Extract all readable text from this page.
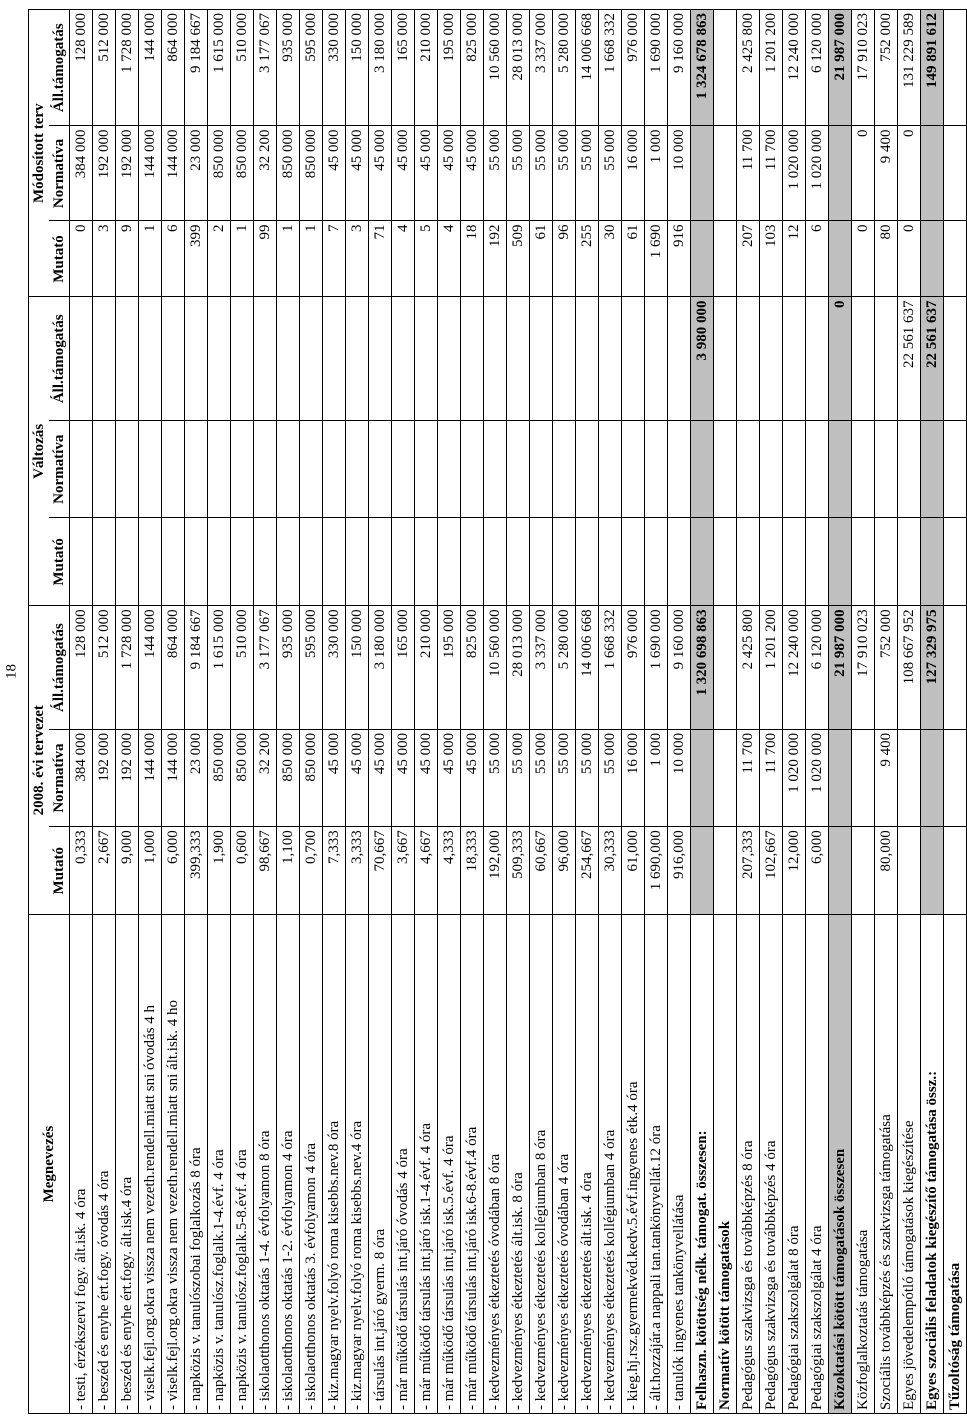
18
Megnevezés	2008. évi tervezet			Változás			Módosított terv		
	Mutató	Normatíva	Áll.támogatás	Mutató	Normatíva	Áll.támogatás	Mutató	Normatíva	Áll.támogatás
- testi, érzékszervi fogy. ált.isk. 4 óra	0,333	384 000	128 000				0	384 000	128 000
- beszéd és enyhe ért.fogy. óvodás 4 óra	2,667	192 000	512 000				3	192 000	512 000
- beszéd és enyhe ért.fogy. ált.isk.4 óra	9,000	192 000	1 728 000				9	192 000	1 728 000
- viselk.fejl.org.okra vissza nem vezeth.rendell.miatt sni óvodás 4 h	1,000	144 000	144 000				1	144 000	144 000
- viselk.fejl.org.okra vissza nem vezeth.rendell.miatt sni ált.isk. 4 ho	6,000	144 000	864 000				6	144 000	864 000
- napközis v. tanulószobai foglalkozás 8 óra	399,333	23 000	9 184 667				399	23 000	9 184 667
- napközis v. tanulósz.foglalk.1-4.évf. 4 óra	1,900	850 000	1 615 000				2	850 000	1 615 000
- napközis v. tanulósz.foglalk.5-8.évf. 4 óra	0,600	850 000	510 000				1	850 000	510 000
- iskolaotthonos oktatás 1-4. évfolyamon 8 óra	98,667	32 200	3 177 067				99	32 200	3 177 067
- iskolaotthonos oktatás 1-2. évfolyamon 4 óra	1,100	850 000	935 000				1	850 000	935 000
- iskolaotthonos oktatás 3. évfolyamon 4 óra	0,700	850 000	595 000				1	850 000	595 000
- kiz.magyar nyelv.folyó roma kisebbs.nev.8 óra	7,333	45 000	330 000				7	45 000	330 000
- kiz.magyar nyelv.folyó roma kisebbs.nev.4 óra	3,333	45 000	150 000				3	45 000	150 000
- társulás int.járó gyerm. 8 óra	70,667	45 000	3 180 000				71	45 000	3 180 000
- már működő társulás int.járó óvodás 4 óra	3,667	45 000	165 000				4	45 000	165 000
- már működő társulás int.járó isk.1-4.évf. 4 óra	4,667	45 000	210 000				5	45 000	210 000
- már működő társulás int.járó isk.5.évf. 4 óra	4,333	45 000	195 000				4	45 000	195 000
- már működő társulás int.járó isk.6-8.évf.4 óra	18,333	45 000	825 000				18	45 000	825 000
- kedvezményes étkeztetés óvodában 8 óra	192,000	55 000	10 560 000				192	55 000	10 560 000
- kedvezményes étkeztetés ált.isk. 8 óra	509,333	55 000	28 013 000				509	55 000	28 013 000
- kedvezményes étkeztetés kollégiumban 8 óra	60,667	55 000	3 337 000				61	55 000	3 337 000
- kedvezményes étkeztetés óvodában 4 óra	96,000	55 000	5 280 000				96	55 000	5 280 000
- kedvezményes étkeztetés ált.isk. 4 óra	254,667	55 000	14 006 668				255	55 000	14 006 668
- kedvezményes étkeztetés kollégiumban 4 óra	30,333	55 000	1 668 332				30	55 000	1 668 332
- kieg.hj.rsz.gyermekvéd.kedv.5.évf.ingyenes étk.4 óra	61,000	16 000	976 000				61	16 000	976 000
- ált.hozzájár.a nappali tan.tankönyvellát.12 óra	1 690,000	1 000	1 690 000				1 690	1 000	1 690 000
- tanulók ingyenes tankönyvellátása	916,000	10 000	9 160 000				916	10 000	9 160 000
Felhaszn. kötöttség nélk. támogat. összesen:			1 320 698 863			3 980 000			1 324 678 863
Normatív kötött támogatások									
Pedagógus szakvizsga és továbbképzés 8 óra	207,333	11 700	2 425 800				207	11 700	2 425 800
Pedagógus szakvizsga és továbbképzés 4 óra	102,667	11 700	1 201 200				103	11 700	1 201 200
Pedagógiai szakszolgálat 8 óra	12,000	1 020 000	12 240 000				12	1 020 000	12 240 000
Pedagógiai szakszolgálat 4 óra	6,000	1 020 000	6 120 000				6	1 020 000	6 120 000
Közoktatási kötött támogatások összesen			21 987 000			0			21 987 000
Közfoglalkoztatás támogatása			17 910 023				0	0	17 910 023
Szociális továbbképzés és szakvizsga támogatása	80,000	9 400	752 000				80	9 400	752 000
Egyes jövedelempótló támogatások kiegészítése			108 667 952			22 561 637	0	0	131 229 589
Egyes szociális feladatok kiegészítő támogatása össz.:			127 329 975			22 561 637			149 891 612
Tűzoltóság támogatása									
